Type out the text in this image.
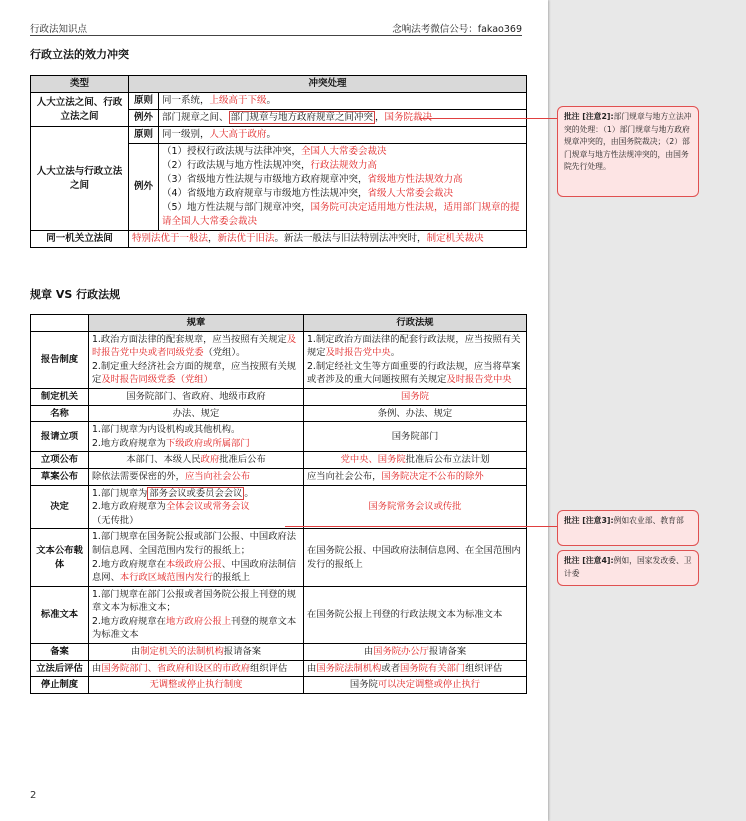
行政法知识点	念响法考微信公号：fakao369
行政立法的效力冲突
类型	冲突处理	
人大立法之间、行政立法之间	原则	同一系统，上级高于下级。
	例外	部门规章之间、 部门规章与地方政府规章之间冲突 ，国务院裁决
人大立法与行政立法之间	原则	同一级别，人大高于政府。
	例外	（1）授权行政法规与法律冲突，全国人大常委会裁决
（2）行政法规与地方性法规冲突，行政法规效力高
（3）省级地方性法规与市级地方政府规章冲突，省级地方性法规效力高
（4）省级地方政府规章与市级地方性法规冲突，省级人大常委会裁决
（5）地方性法规与部门规章冲突，国务院可决定适用地方性法规，适用部门规章的提请全国人大常委会裁决

同一机关立法间	特别法优于一般法，新法优于旧法。新法一般法与旧法特别法冲突时，制定机关裁决	
规章 VS 行政法规
	规章	行政法规
报告制度	1.政治方面法律的配套规章，应当按照有关规定及时报告党中央或者同级党委（党组）。
2.制定重大经济社会方面的规章，应当按照有关规定及时报告同级党委（党组）	1.制定政治方面法律的配套行政法规，应当按照有关规定及时报告党中央。
2.制定经社文生等方面重要的行政法规，应当将草案或者涉及的重大问题按照有关规定及时报告党中央
制定机关	国务院部门、省政府、地级市政府	国务院
名称	办法、规定	条例、办法、规定
报请立项	1.部门规章为内设机构或其他机构。
2.地方政府规章为下级政府或所属部门	国务院部门
立项公布	本部门、本级人民政府批准后公布	党中央、国务院批准后公布立法计划
草案公布	除依法需要保密的外，应当向社会公布	应当向社会公布，国务院决定不公布的除外
决定	1.部门规章为 部务会议或委员会会议 。
2.地方政府规章为全体会议或常务会议
（无传批）	国务院常务会议或传批
文本公布载体	1.部门规章在国务院公报或部门公报、中国政府法制信息网、全国范围内发行的报纸上；
2.地方政府规章在本级政府公报、中国政府法制信息网、本行政区域范围内发行的报纸上	在国务院公报、中国政府法制信息网、在全国范围内发行的报纸上
标准文本	1.部门规章在部门公报或者国务院公报上刊登的规章文本为标准文本；
2.地方政府规章在地方政府公报上刊登的规章文本为标准文本	在国务院公报上刊登的行政法规文本为标准文本
备案	由制定机关的法制机构报请备案	由国务院办公厅报请备案
立法后评估	由国务院部门、省政府和设区的市政府组织评估	由国务院法制机构或者国务院有关部门组织评估
停止制度	无调整或停止执行制度	国务院可以决定调整或停止执行
2
批注 [注意2]:部门规章与地方立法冲突的处理：（1）部门规章与地方政府规章冲突的，由国务院裁决；（2）部门规章与地方性法规冲突的，由国务院先行处理。
批注 [注意3]:例如农业部、教育部
批注 [注意4]:例如，国家发改委、卫计委
